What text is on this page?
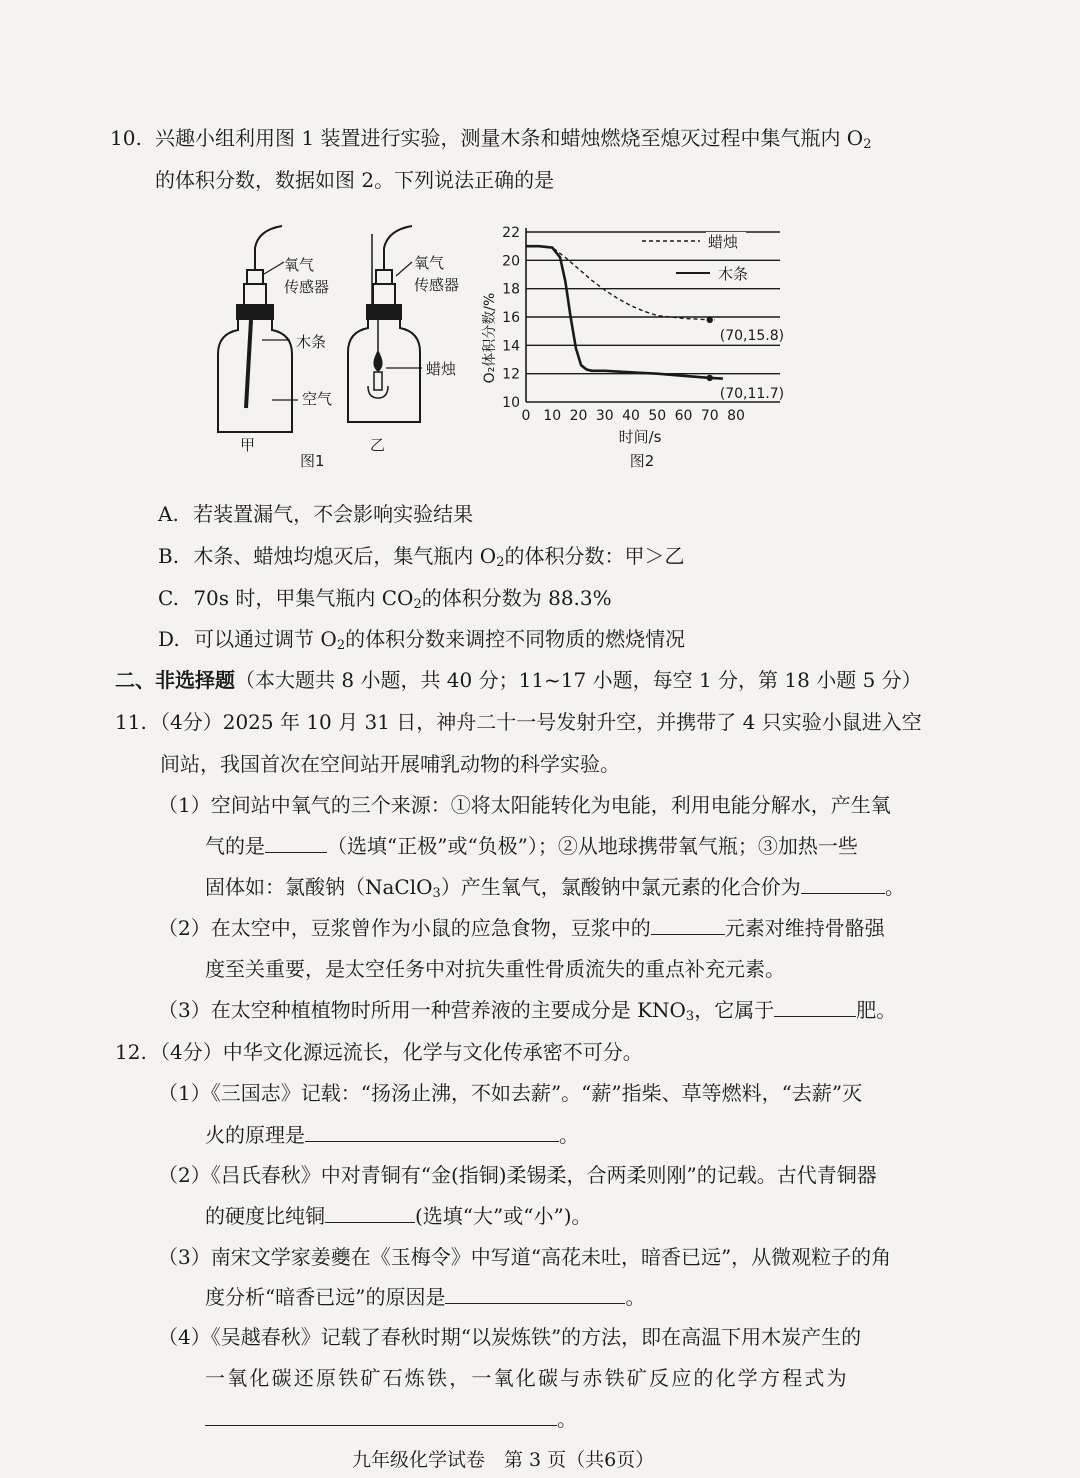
10. 兴趣小组利用图 1 装置进行实验，测量木条和蜡烛燃烧至熄灭过程中集气瓶内 $O_2$
的体积分数，数据如图 2。下列说法正确的是
氧气
传感器
木条
空气
氧气
传感器
蜡烛
甲	乙
图1
10
12
14
16
18
20
22
0 10 20 30 40 50 60 70 80
(70,15.8)
(70,11.7)
蜡烛
木条
O₂体积分数/%
时间/s
图2
A. 若装置漏气，不会影响实验结果
B. 木条、蜡烛均熄灭后，集气瓶内 $O_2$的体积分数：甲＞乙
C. 70s 时，甲集气瓶内 $CO_2$的体积分数为 88.3%
D. 可以通过调节 $O_2$的体积分数来调控不同物质的燃烧情况
二、非选择题（本大题共 8 小题，共 40 分；11~17 小题，每空 1 分，第 18 小题 5 分）
11. （4分）2025 年 10 月 31 日，神舟二十一号发射升空，并携带了 4 只实验小鼠进入空
间站，我国首次在空间站开展哺乳动物的科学实验。
（1）空间站中氧气的三个来源：①将太阳能转化为电能，利用电能分解水，产生氧
气的是	（选填“正极”或“负极”）；②从地球携带氧气瓶；③加热一些
固体如：氯酸钠（NaClO$_3$）产生氧气，氯酸钠中氯元素的化合价为	。
（2）在太空中，豆浆曾作为小鼠的应急食物，豆浆中的	元素对维持骨骼强
度至关重要，是太空任务中对抗失重性骨质流失的重点补充元素。
（3）在太空种植植物时所用一种营养液的主要成分是 $KNO_3$，它属于	肥。
12. （4分）中华文化源远流长，化学与文化传承密不可分。
（1）《三国志》记载：“扬汤止沸，不如去薪”。“薪”指柴、草等燃料，“去薪”灭
火的原理是	。
（2）《吕氏春秋》中对青铜有“金(指铜)柔锡柔，合两柔则刚”的记载。古代青铜器
的硬度比纯铜	(选填“大”或“小”)。
（3）南宋文学家姜夔在《玉梅令》中写道“高花未吐，暗香已远”，从微观粒子的角
度分析“暗香已远”的原因是	。
（4）《吴越春秋》记载了春秋时期“以炭炼铁”的方法，即在高温下用木炭产生的
一氧化碳还原铁矿石炼铁，一氧化碳与赤铁矿反应的化学方程式为
。
九年级化学试卷　第 3 页（共6页）
